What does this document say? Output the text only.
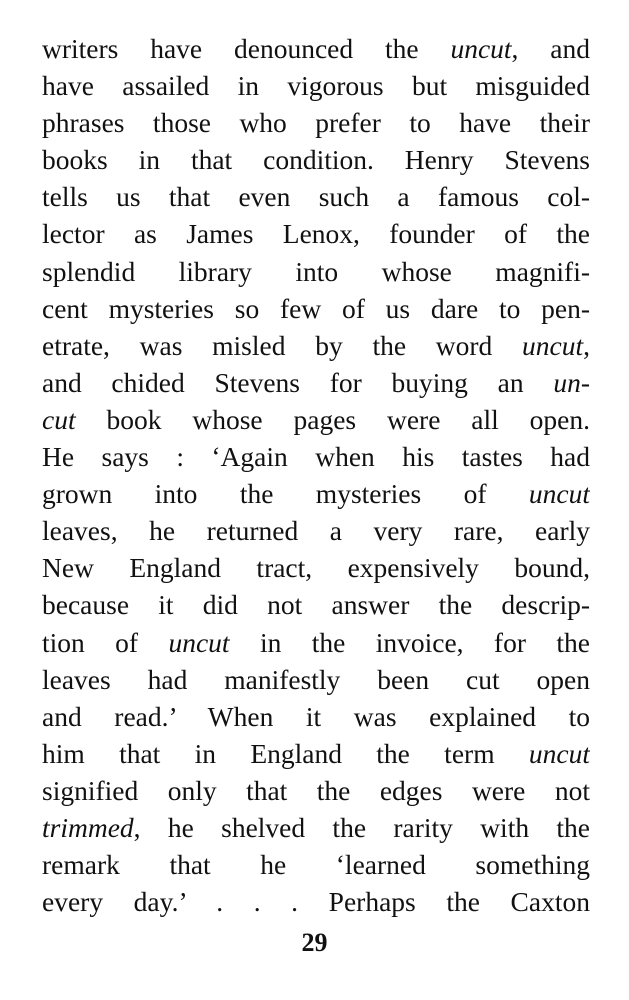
writers have denounced the uncut, and
have assailed in vigorous but misguided
phrases those who prefer to have their
books in that condition. Henry Stevens
tells us that even such a famous col-
lector as James Lenox, founder of the
splendid library into whose magnifi-
cent mysteries so few of us dare to pen-
etrate, was misled by the word uncut,
and chided Stevens for buying an un-
cut book whose pages were all open.
He says : ‘Again when his tastes had
grown into the mysteries of uncut
leaves, he returned a very rare, early
New England tract, expensively bound,
because it did not answer the descrip-
tion of uncut in the invoice, for the
leaves had manifestly been cut open
and read.’ When it was explained to
him that in England the term uncut
signified only that the edges were not
trimmed, he shelved the rarity with the
remark that he ‘learned something
every day.’ . . . Perhaps the Caxton
29
